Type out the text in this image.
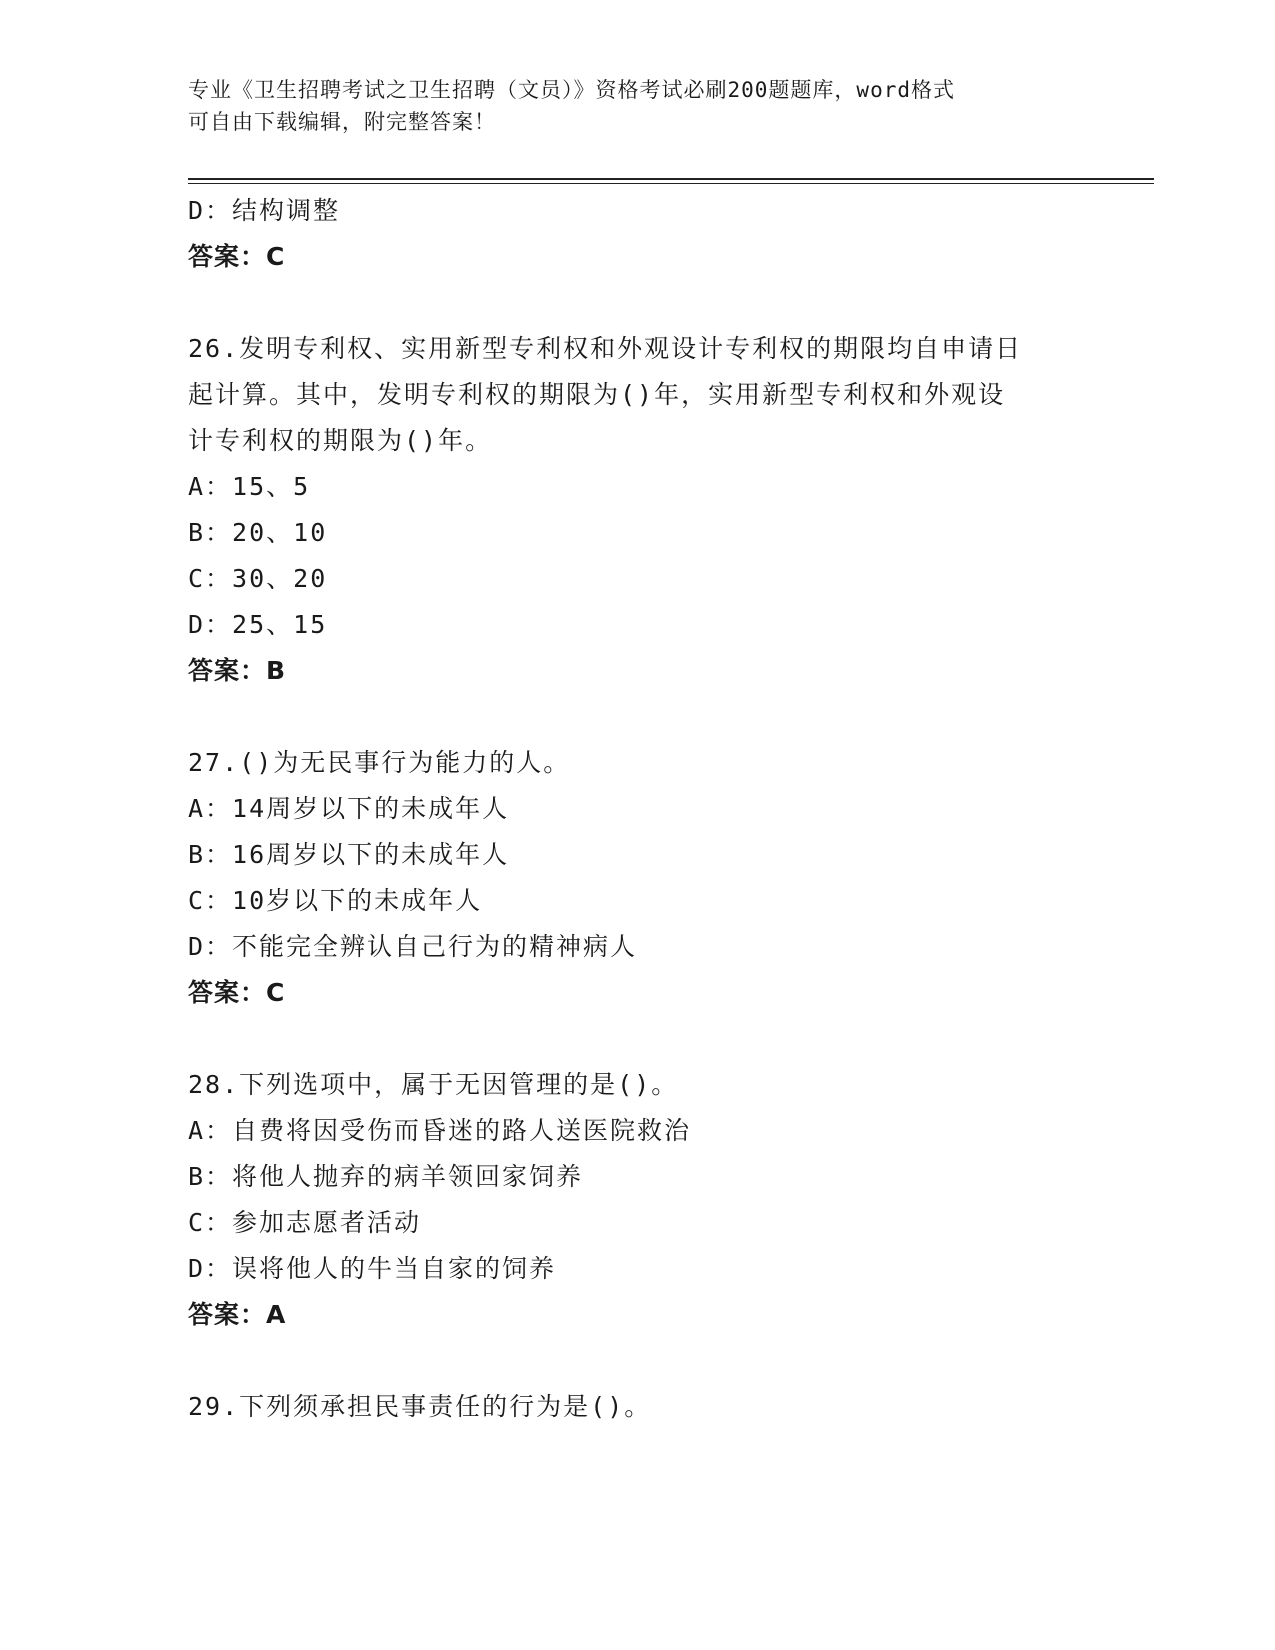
专业《卫生招聘考试之卫生招聘（文员）》资格考试必刷200题题库，word格式
可自由下载编辑，附完整答案！
D：结构调整
答案：C
26.发明专利权、实用新型专利权和外观设计专利权的期限均自申请日
起计算。其中，发明专利权的期限为()年，实用新型专利权和外观设
计专利权的期限为()年。
A：15、5
B：20、10
C：30、20
D：25、15
答案：B
27.()为无民事行为能力的人。
A：14周岁以下的未成年人
B：16周岁以下的未成年人
C：10岁以下的未成年人
D：不能完全辨认自己行为的精神病人
答案：C
28.下列选项中，属于无因管理的是()。
A：自费将因受伤而昏迷的路人送医院救治
B：将他人抛弃的病羊领回家饲养
C：参加志愿者活动
D：误将他人的牛当自家的饲养
答案：A
29.下列须承担民事责任的行为是()。
